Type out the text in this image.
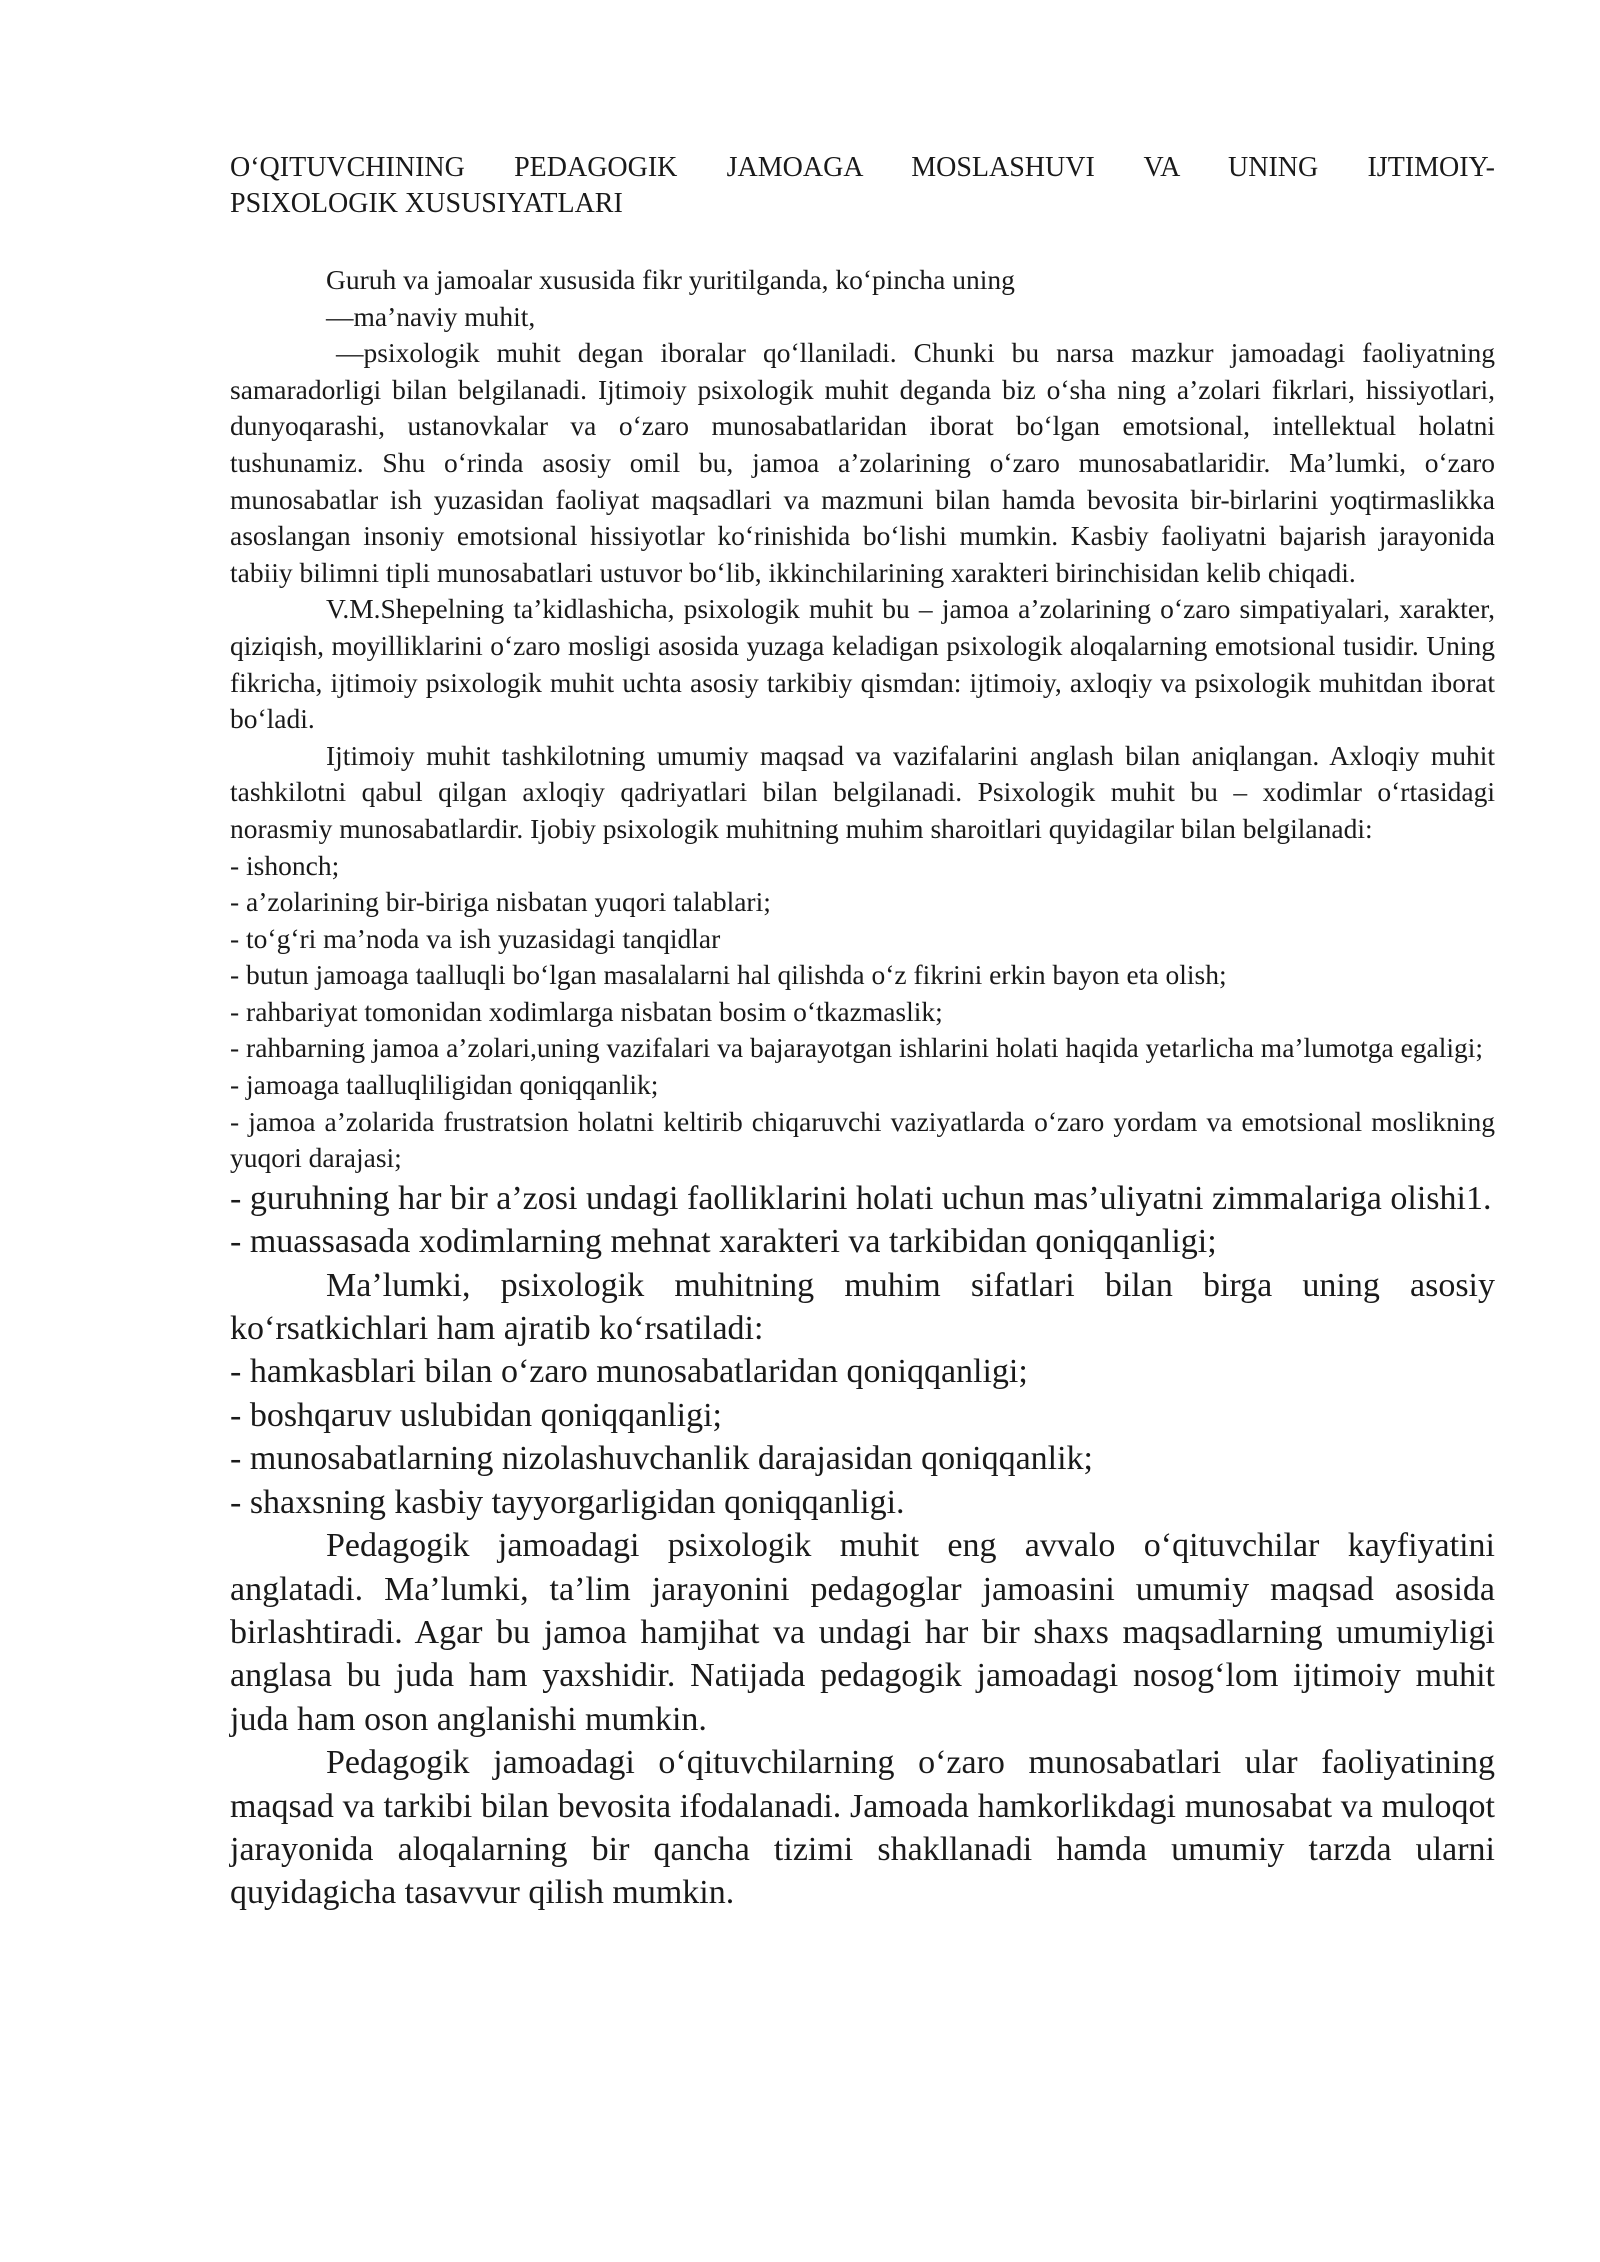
O‘QITUVCHINING PEDAGOGIK JAMOAGA MOSLASHUVI VA UNING IJTIMOIY-
PSIXOLOGIK XUSUSIYATLARI

Guruh va jamoalar xususida fikr yuritilganda, ko‘pincha uning

—ma’naviy muhit,

—psixologik muhit degan iboralar qo‘llaniladi. Chunki bu narsa mazkur jamoadagi faoliyatning samaradorligi bilan belgilanadi. Ijtimoiy psixologik muhit deganda biz o‘sha ning a’zolari fikrlari, hissiyotlari, dunyoqarashi, ustanovkalar va o‘zaro munosabatlaridan iborat bo‘lgan emotsional, intellektual holatni tushunamiz. Shu o‘rinda asosiy omil bu, jamoa a’zolarining o‘zaro munosabatlaridir. Ma’lumki, o‘zaro munosabatlar ish yuzasidan faoliyat maqsadlari va mazmuni bilan hamda bevosita bir-birlarini yoqtirmaslikka asoslangan insoniy emotsional hissiyotlar ko‘rinishida bo‘lishi mumkin. Kasbiy faoliyatni bajarish jarayonida tabiiy bilimni tipli munosabatlari ustuvor bo‘lib, ikkinchilarining xarakteri birinchisidan kelib chiqadi.

V.M.Shepelning ta’kidlashicha, psixologik muhit bu – jamoa a’zolarining o‘zaro simpatiyalari, xarakter, qiziqish, moyilliklarini o‘zaro mosligi asosida yuzaga keladigan psixologik aloqalarning emotsional tusidir. Uning fikricha, ijtimoiy psixologik muhit uchta asosiy tarkibiy qismdan: ijtimoiy, axloqiy va psixologik muhitdan iborat bo‘ladi.

Ijtimoiy muhit tashkilotning umumiy maqsad va vazifalarini anglash bilan aniqlangan. Axloqiy muhit tashkilotni qabul qilgan axloqiy qadriyatlari bilan belgilanadi. Psixologik muhit bu – xodimlar o‘rtasidagi norasmiy munosabatlardir. Ijobiy psixologik muhitning muhim sharoitlari quyidagilar bilan belgilanadi:

- ishonch;

- a’zolarining bir-biriga nisbatan yuqori talablari;

- to‘g‘ri ma’noda va ish yuzasidagi tanqidlar

- butun jamoaga taalluqli bo‘lgan masalalarni hal qilishda o‘z fikrini erkin bayon eta olish;

- rahbariyat tomonidan xodimlarga nisbatan bosim o‘tkazmaslik;

- rahbarning jamoa a’zolari,uning vazifalari va bajarayotgan ishlarini holati haqida yetarlicha ma’lumotga egaligi;

- jamoaga taalluqliligidan qoniqqanlik;

- jamoa a’zolarida frustratsion holatni keltirib chiqaruvchi vaziyatlarda o‘zaro yordam va emotsional moslikning yuqori darajasi;

- guruhning har bir a’zosi undagi faolliklarini holati uchun mas’uliyatni zimmalariga olishi1.

- muassasada xodimlarning mehnat xarakteri va tarkibidan qoniqqanligi;

Ma’lumki, psixologik muhitning muhim sifatlari bilan birga uning asosiy ko‘rsatkichlari ham ajratib ko‘rsatiladi:

- hamkasblari bilan o‘zaro munosabatlaridan qoniqqanligi;

- boshqaruv uslubidan qoniqqanligi;

- munosabatlarning nizolashuvchanlik darajasidan qoniqqanlik;

- shaxsning kasbiy tayyorgarligidan qoniqqanligi.

Pedagogik jamoadagi psixologik muhit eng avvalo o‘qituvchilar kayfiyatini anglatadi. Ma’lumki, ta’lim jarayonini pedagoglar jamoasini umumiy maqsad asosida birlashtiradi. Agar bu jamoa hamjihat va undagi har bir shaxs maqsadlarning umumiyligi anglasa bu juda ham yaxshidir. Natijada pedagogik jamoadagi nosog‘lom ijtimoiy muhit juda ham oson anglanishi mumkin.

Pedagogik jamoadagi o‘qituvchilarning o‘zaro munosabatlari ular faoliyatining maqsad va tarkibi bilan bevosita ifodalanadi. Jamoada hamkorlikdagi munosabat va muloqot jarayonida aloqalarning bir qancha tizimi shakllanadi hamda umumiy tarzda ularni quyidagicha tasavvur qilish mumkin.
